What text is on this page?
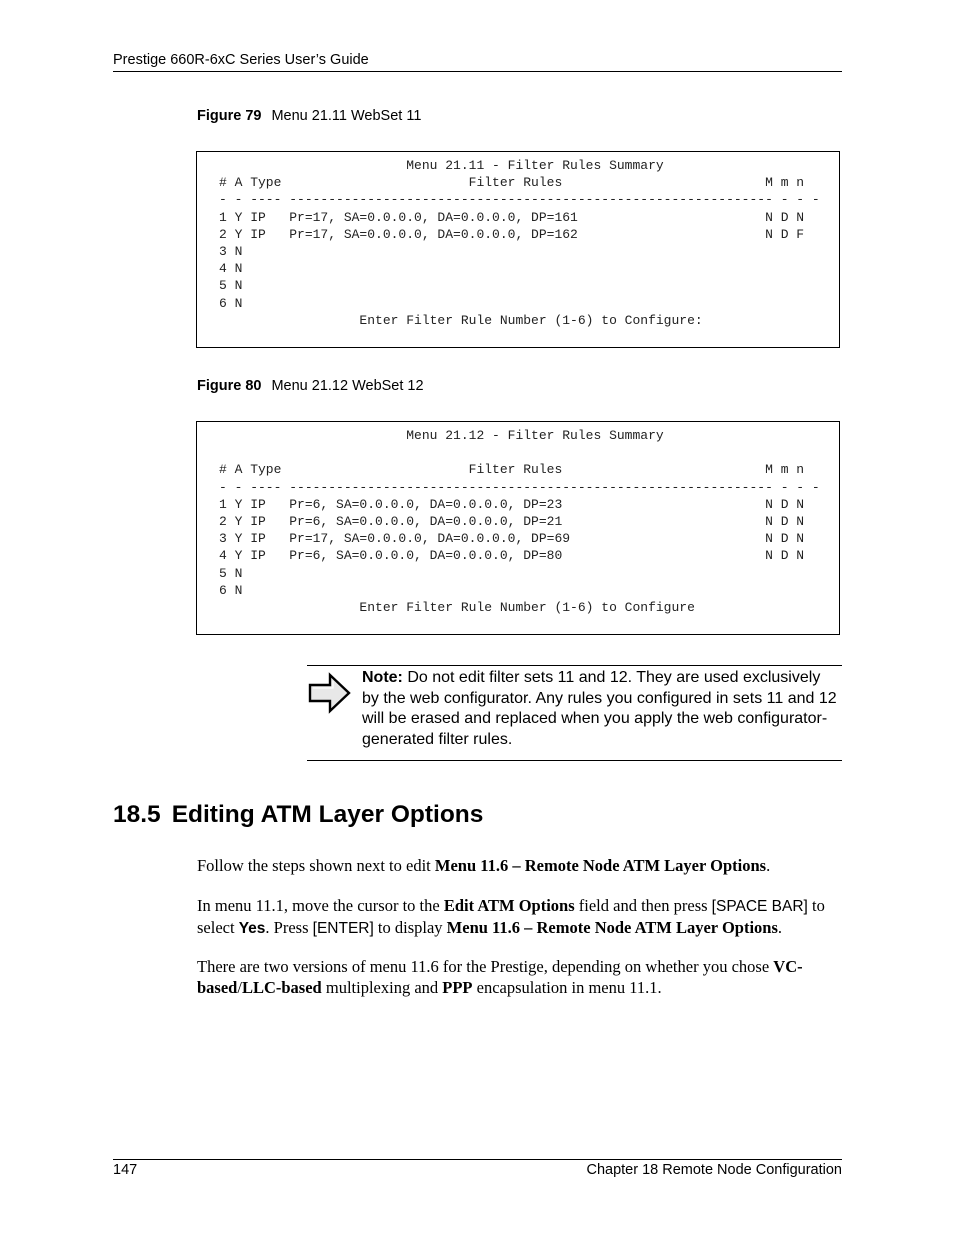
Prestige 660R-6xC Series User’s Guide
Figure 79 Menu 21.11 WebSet 11
Menu 21.11 - Filter Rules Summary
# A Type                        Filter Rules                          M m n
- - ---- -------------------------------------------------------------- - - -
1 Y IP   Pr=17, SA=0.0.0.0, DA=0.0.0.0, DP=161                        N D N
2 Y IP   Pr=17, SA=0.0.0.0, DA=0.0.0.0, DP=162                        N D F
3 N
4 N
5 N
6 N
Enter Filter Rule Number (1-6) to Configure:
Figure 80 Menu 21.12 WebSet 12
Menu 21.12 - Filter Rules Summary
# A Type                        Filter Rules                          M m n
- - ---- -------------------------------------------------------------- - - -
1 Y IP   Pr=6, SA=0.0.0.0, DA=0.0.0.0, DP=23                          N D N
2 Y IP   Pr=6, SA=0.0.0.0, DA=0.0.0.0, DP=21                          N D N
3 Y IP   Pr=17, SA=0.0.0.0, DA=0.0.0.0, DP=69                         N D N
4 Y IP   Pr=6, SA=0.0.0.0, DA=0.0.0.0, DP=80                          N D N
5 N
6 N
Enter Filter Rule Number (1-6) to Configure
Note: Do not edit filter sets 11 and 12. They are used exclusively by the web configurator. Any rules you configured in sets 11 and 12 will be erased and replaced when you apply the web configurator-generated filter rules.
18.5 Editing ATM Layer Options
Follow the steps shown next to edit Menu 11.6 – Remote Node ATM Layer Options.
In menu 11.1, move the cursor to the Edit ATM Options field and then press [SPACE BAR] to select Yes. Press [ENTER] to display Menu 11.6 – Remote Node ATM Layer Options.
There are two versions of menu 11.6 for the Prestige, depending on whether you chose VC-based/LLC-based multiplexing and PPP encapsulation in menu 11.1.
147	Chapter 18 Remote Node Configuration
